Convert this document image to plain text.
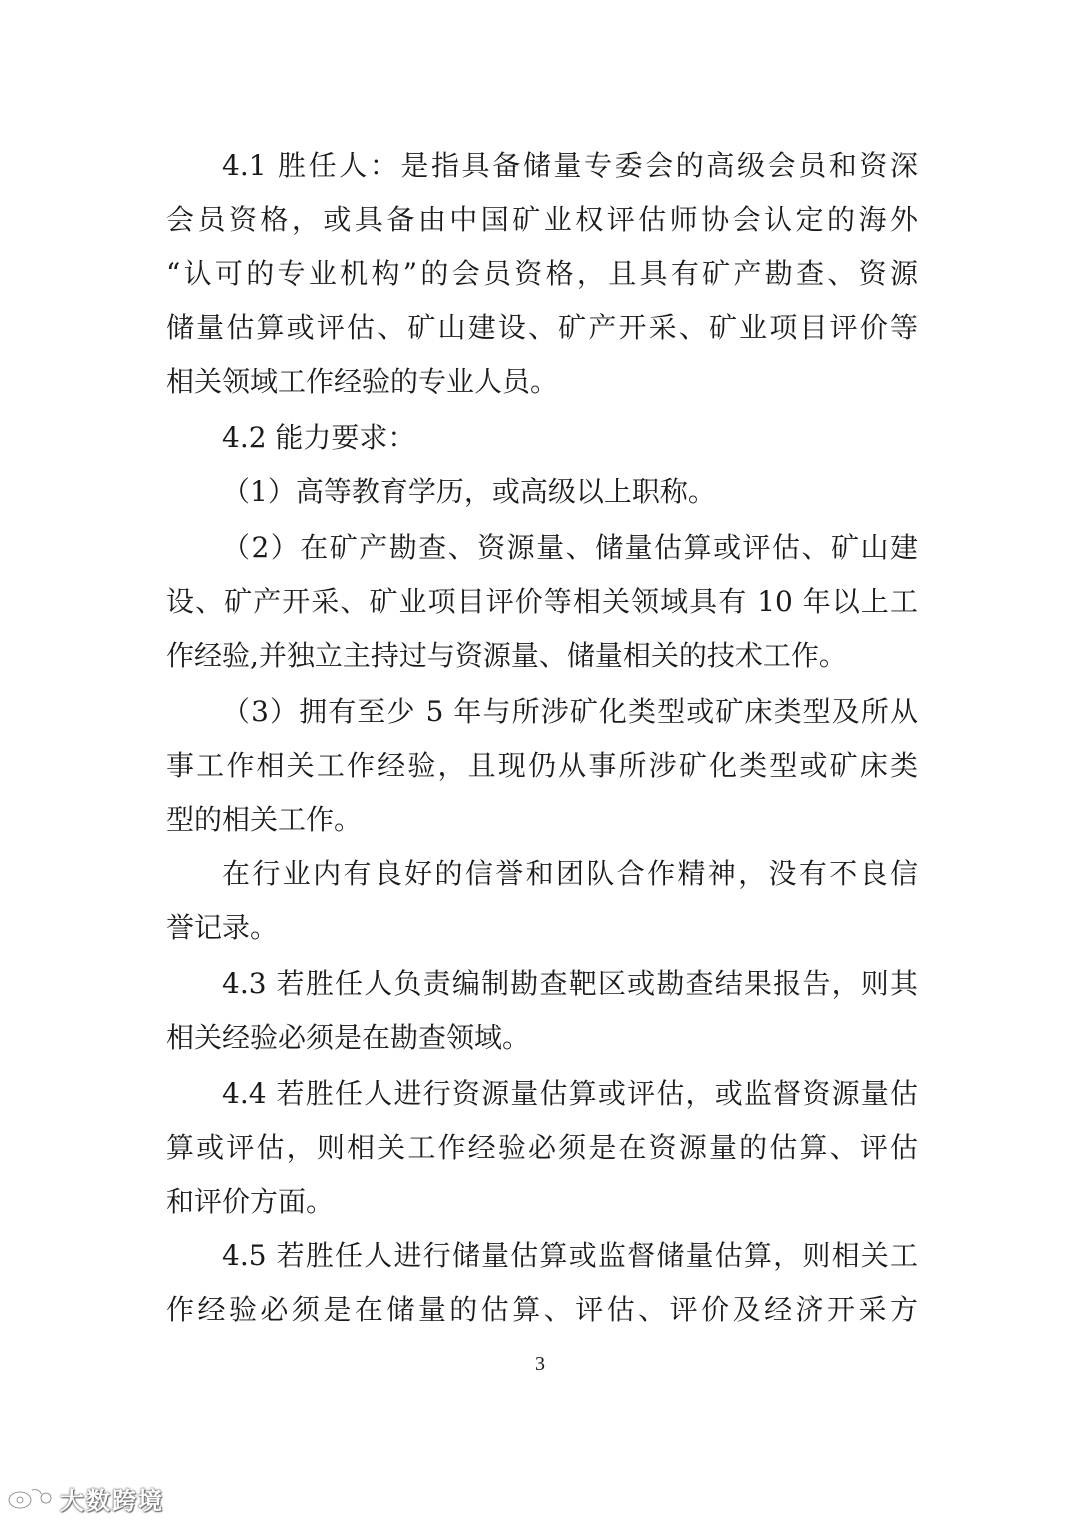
4.1 胜任人：是指具备储量专委会的高级会员和资深
会员资格，或具备由中国矿业权评估师协会认定的海外
“认可的专业机构”的会员资格，且具有矿产勘查、资源
储量估算或评估、矿山建设、矿产开采、矿业项目评价等
相关领域工作经验的专业人员。
4.2 能力要求：
（1）高等教育学历，或高级以上职称。
（2）在矿产勘查、资源量、储量估算或评估、矿山建
设、矿产开采、矿业项目评价等相关领域具有 10 年以上工
作经验,并独立主持过与资源量、储量相关的技术工作。
（3）拥有至少 5 年与所涉矿化类型或矿床类型及所从
事工作相关工作经验，且现仍从事所涉矿化类型或矿床类
型的相关工作。
在行业内有良好的信誉和团队合作精神，没有不良信
誉记录。
4.3 若胜任人负责编制勘查靶区或勘查结果报告，则其
相关经验必须是在勘查领域。
4.4 若胜任人进行资源量估算或评估，或监督资源量估
算或评估，则相关工作经验必须是在资源量的估算、评估
和评价方面。
4.5 若胜任人进行储量估算或监督储量估算，则相关工
作经验必须是在储量的估算、评估、评价及经济开采方
3
大数跨境
